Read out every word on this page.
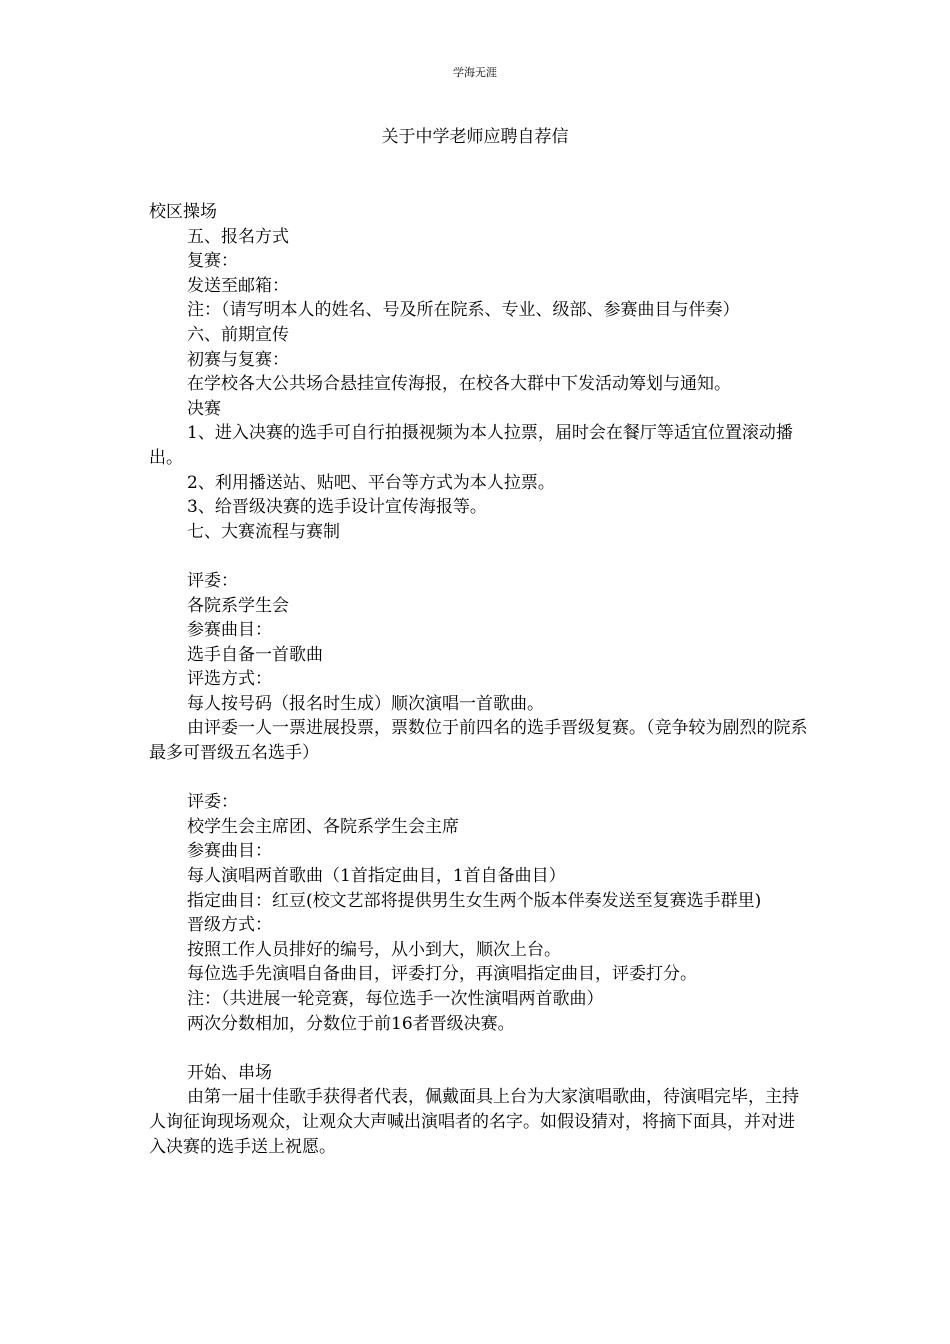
学海无涯
关于中学老师应聘自荐信

校区操场

五、报名方式

复赛：

发送至邮箱：

注：（请写明本人的姓名、号及所在院系、专业、级部、参赛曲目与伴奏）

六、前期宣传

初赛与复赛：

在学校各大公共场合悬挂宣传海报，在校各大群中下发活动筹划与通知。

决赛

1、进入决赛的选手可自行拍摄视频为本人拉票，届时会在餐厅等适宜位置滚动播出。

2、利用播送站、贴吧、平台等方式为本人拉票。

3、给晋级决赛的选手设计宣传海报等。

七、大赛流程与赛制

评委：

各院系学生会

参赛曲目：

选手自备一首歌曲

评选方式：

每人按号码（报名时生成）顺次演唱一首歌曲。

由评委一人一票进展投票，票数位于前四名的选手晋级复赛。（竞争较为剧烈的院系最多可晋级五名选手）

评委：

校学生会主席团、各院系学生会主席

参赛曲目：

每人演唱两首歌曲（1首指定曲目，1首自备曲目）

指定曲目：红豆(校文艺部将提供男生女生两个版本伴奏发送至复赛选手群里)

晋级方式：

按照工作人员排好的编号，从小到大，顺次上台。

每位选手先演唱自备曲目，评委打分，再演唱指定曲目，评委打分。

注：（共进展一轮竞赛，每位选手一次性演唱两首歌曲）

两次分数相加，分数位于前16者晋级决赛。

开始、串场

由第一届十佳歌手获得者代表，佩戴面具上台为大家演唱歌曲，待演唱完毕，主持人询征询现场观众，让观众大声喊出演唱者的名字。如假设猜对，将摘下面具，并对进入决赛的选手送上祝愿。
